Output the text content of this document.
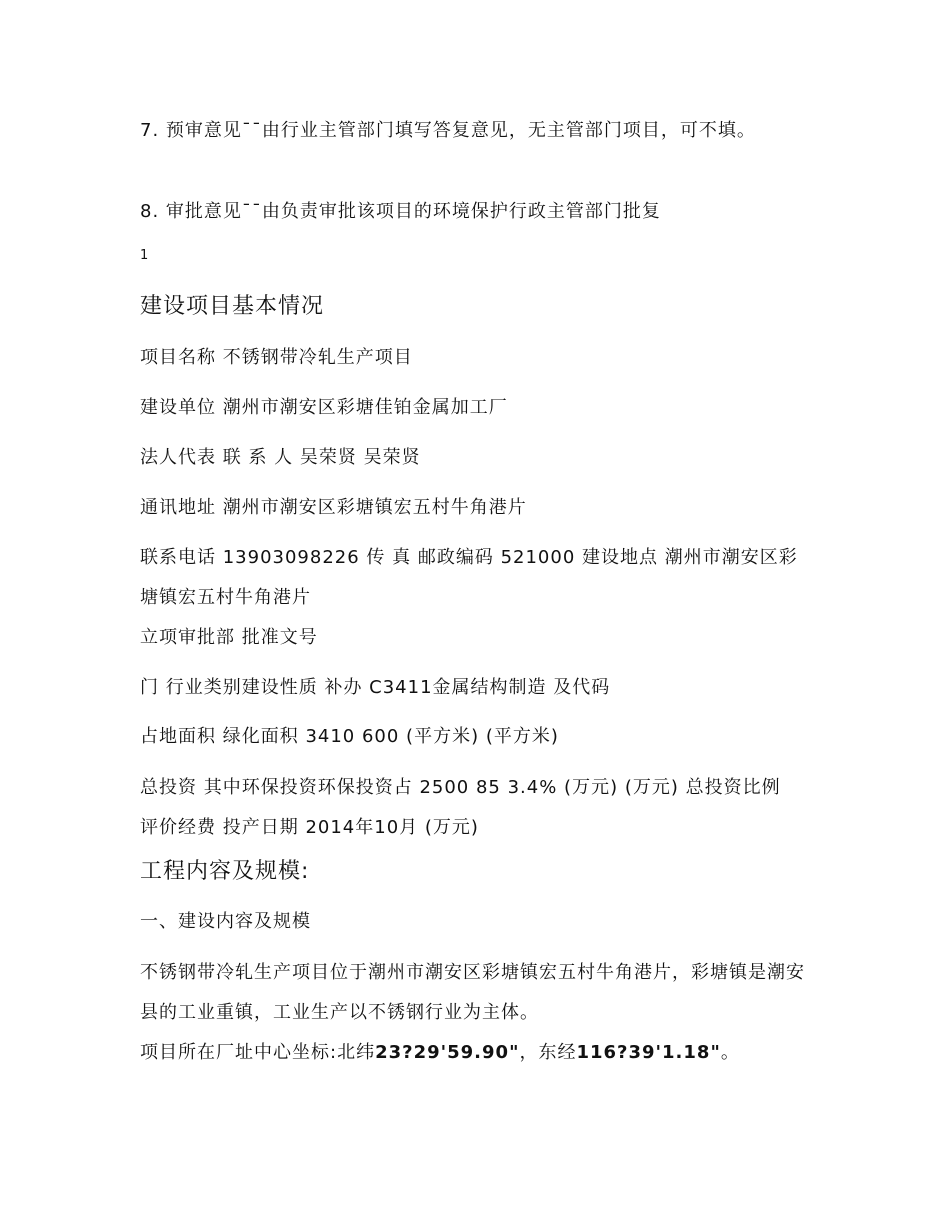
7. 预审意见¯¯由行业主管部门填写答复意见，无主管部门项目，可不填。
8. 审批意见¯¯由负责审批该项目的环境保护行政主管部门批复
1
建设项目基本情况
项目名称 不锈钢带冷轧生产项目
建设单位 潮州市潮安区彩塘佳铂金属加工厂
法人代表 联 系 人 吴荣贤 吴荣贤
通讯地址 潮州市潮安区彩塘镇宏五村牛角港片
联系电话 13903098226 传 真 邮政编码 521000 建设地点 潮州市潮安区彩塘镇宏五村牛角港片
立项审批部 批准文号
门 行业类别建设性质 补办 C3411金属结构制造 及代码
占地面积 绿化面积 3410 600 (平方米) (平方米)
总投资 其中环保投资环保投资占 2500 85 3.4% (万元) (万元) 总投资比例 评价经费 投产日期 2014年10月 (万元)
工程内容及规模:
一、建设内容及规模
不锈钢带冷轧生产项目位于潮州市潮安区彩塘镇宏五村牛角港片，彩塘镇是潮安县的工业重镇，工业生产以不锈钢行业为主体。
项目所在厂址中心坐标:北纬23?29'59.90"，东经116?39'1.18"。
